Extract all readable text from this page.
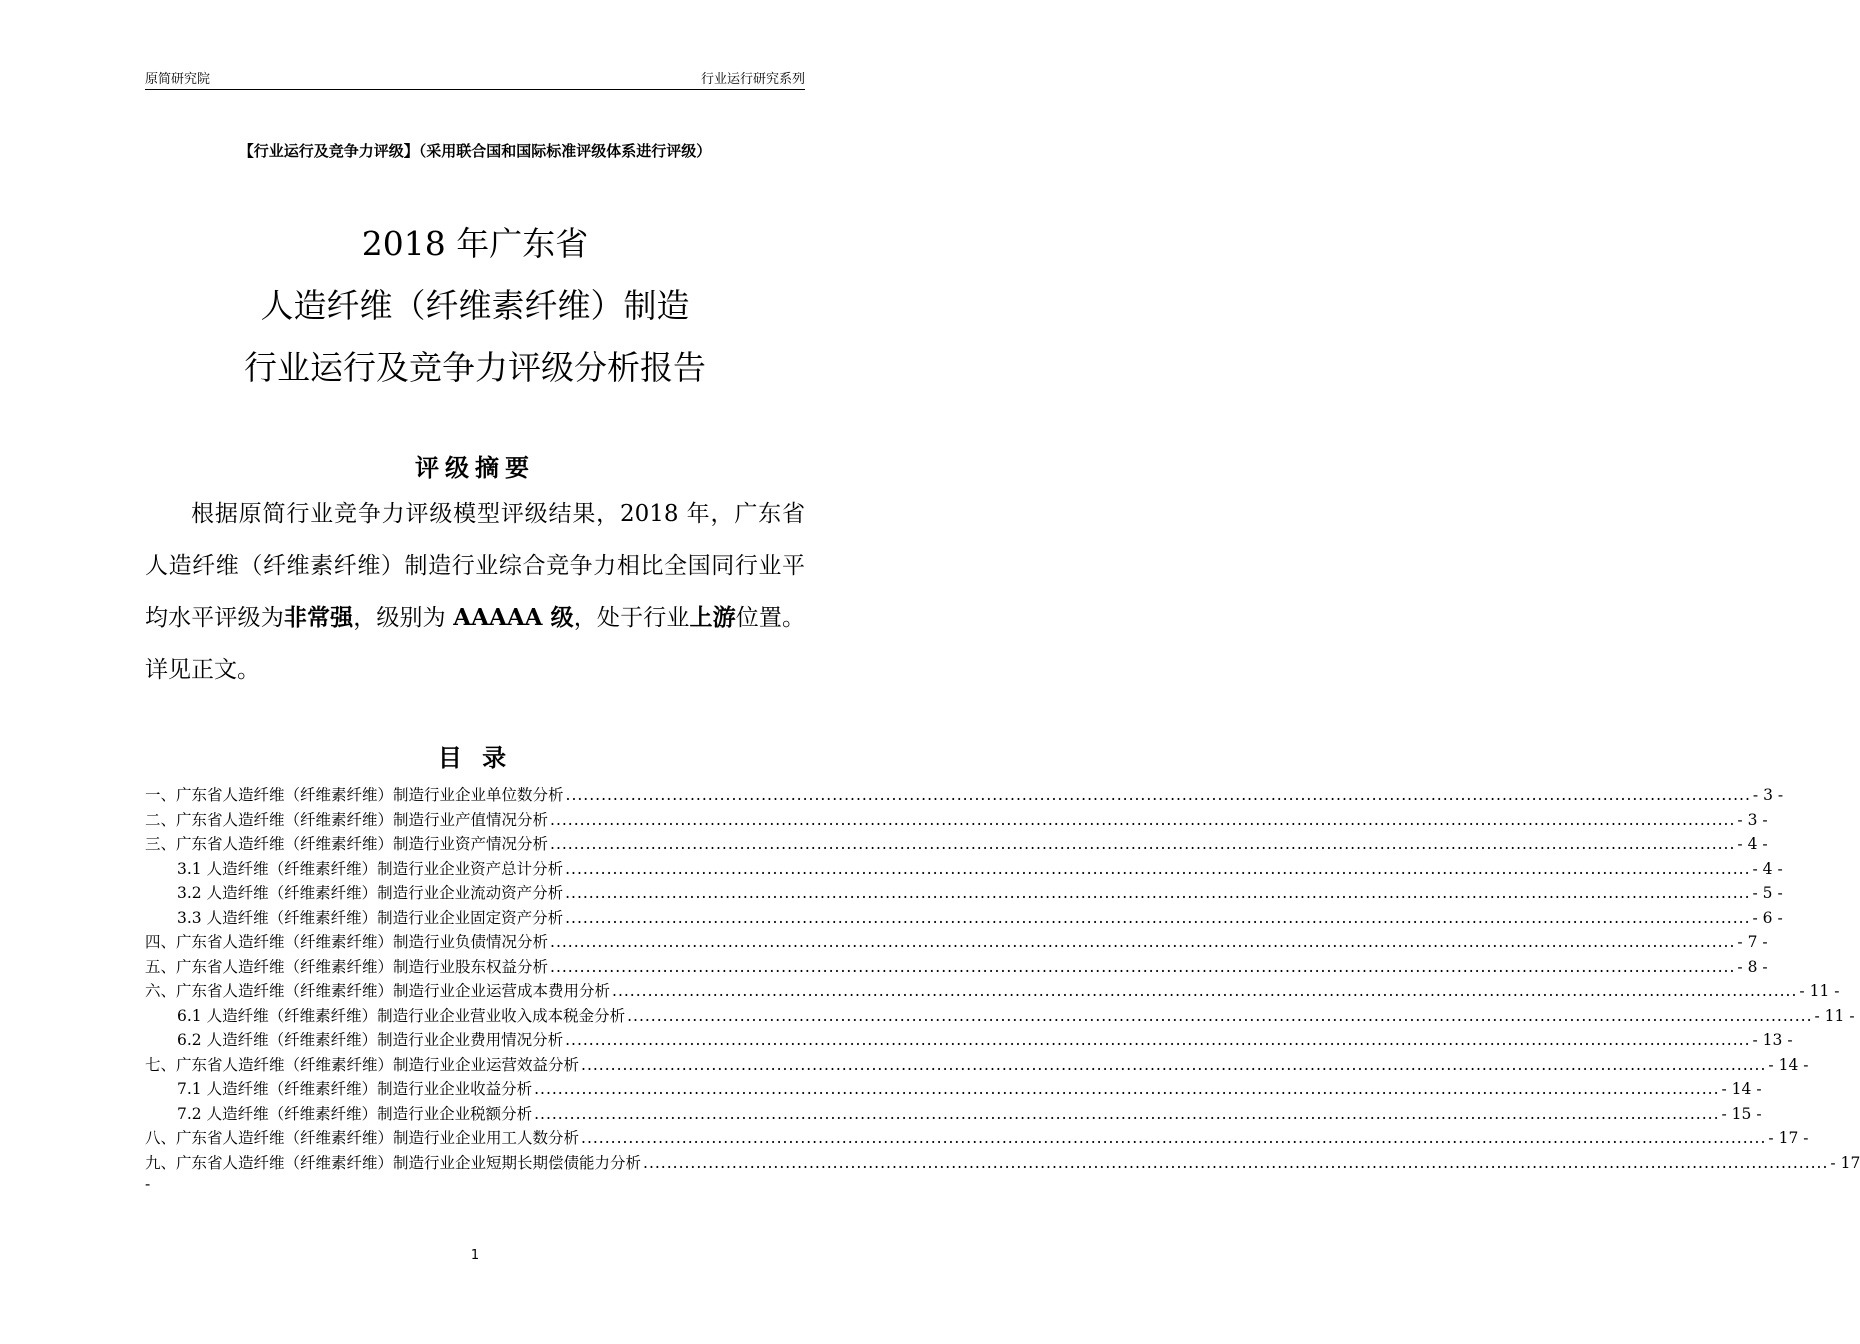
原简研究院	行业运行研究系列
【行业运行及竞争力评级】（采用联合国和国际标准评级体系进行评级）
2018 年广东省
人造纤维（纤维素纤维）制造
行业运行及竞争力评级分析报告
评级摘要
根据原简行业竞争力评级模型评级结果，2018 年，广东省人造纤维（纤维素纤维）制造行业综合竞争力相比全国同行业平均水平评级为非常强，级别为 AAAAA 级，处于行业上游位置。详见正文。
目 录
一、广东省人造纤维（纤维素纤维）制造行业企业单位数分析 ........................................................................................................................................................................................................ - 3 -
二、广东省人造纤维（纤维素纤维）制造行业产值情况分析 ........................................................................................................................................................................................................ - 3 -
三、广东省人造纤维（纤维素纤维）制造行业资产情况分析 ........................................................................................................................................................................................................ - 4 -
3.1 人造纤维（纤维素纤维）制造行业企业资产总计分析 ........................................................................................................................................................................................................ - 4 -
3.2 人造纤维（纤维素纤维）制造行业企业流动资产分析 ........................................................................................................................................................................................................ - 5 -
3.3 人造纤维（纤维素纤维）制造行业企业固定资产分析 ........................................................................................................................................................................................................ - 6 -
四、广东省人造纤维（纤维素纤维）制造行业负债情况分析 ........................................................................................................................................................................................................ - 7 -
五、广东省人造纤维（纤维素纤维）制造行业股东权益分析 ........................................................................................................................................................................................................ - 8 -
六、广东省人造纤维（纤维素纤维）制造行业企业运营成本费用分析 ........................................................................................................................................................................................................ - 11 -
6.1 人造纤维（纤维素纤维）制造行业企业营业收入成本税金分析 ........................................................................................................................................................................................................ - 11 -
6.2 人造纤维（纤维素纤维）制造行业企业费用情况分析 ........................................................................................................................................................................................................ - 13 -
七、广东省人造纤维（纤维素纤维）制造行业企业运营效益分析 ........................................................................................................................................................................................................ - 14 -
7.1 人造纤维（纤维素纤维）制造行业企业收益分析 ........................................................................................................................................................................................................ - 14 -
7.2 人造纤维（纤维素纤维）制造行业企业税额分析 ........................................................................................................................................................................................................ - 15 -
八、广东省人造纤维（纤维素纤维）制造行业企业用工人数分析 ........................................................................................................................................................................................................ - 17 -
九、广东省人造纤维（纤维素纤维）制造行业企业短期长期偿债能力分析 ........................................................................................................................................................................................................ - 17
-
1
